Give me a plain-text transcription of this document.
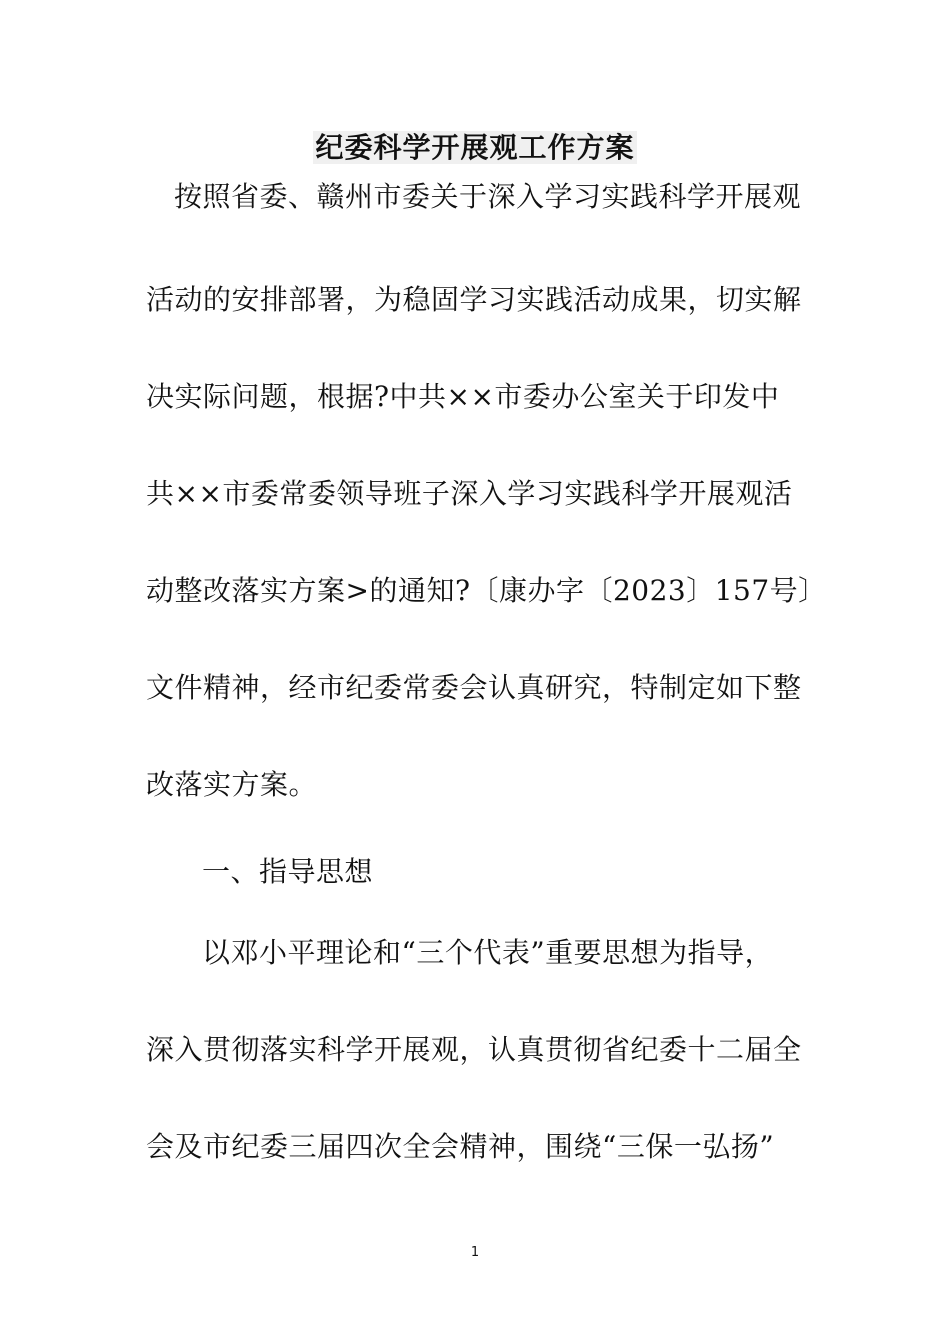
纪委科学开展观工作方案

按照省委、赣州市委关于深入学习实践科学开展观

活动的安排部署，为稳固学习实践活动成果，切实解

决实际问题，根据?中共××市委办公室关于印发中

共××市委常委领导班子深入学习实践科学开展观活

动整改落实方案>的通知?〔康办字〔2023〕157号〕

文件精神，经市纪委常委会认真研究，特制定如下整

改落实方案。

一、指导思想

以邓小平理论和“三个代表”重要思想为指导，

深入贯彻落实科学开展观，认真贯彻省纪委十二届全

会及市纪委三届四次全会精神，围绕“三保一弘扬”

1
